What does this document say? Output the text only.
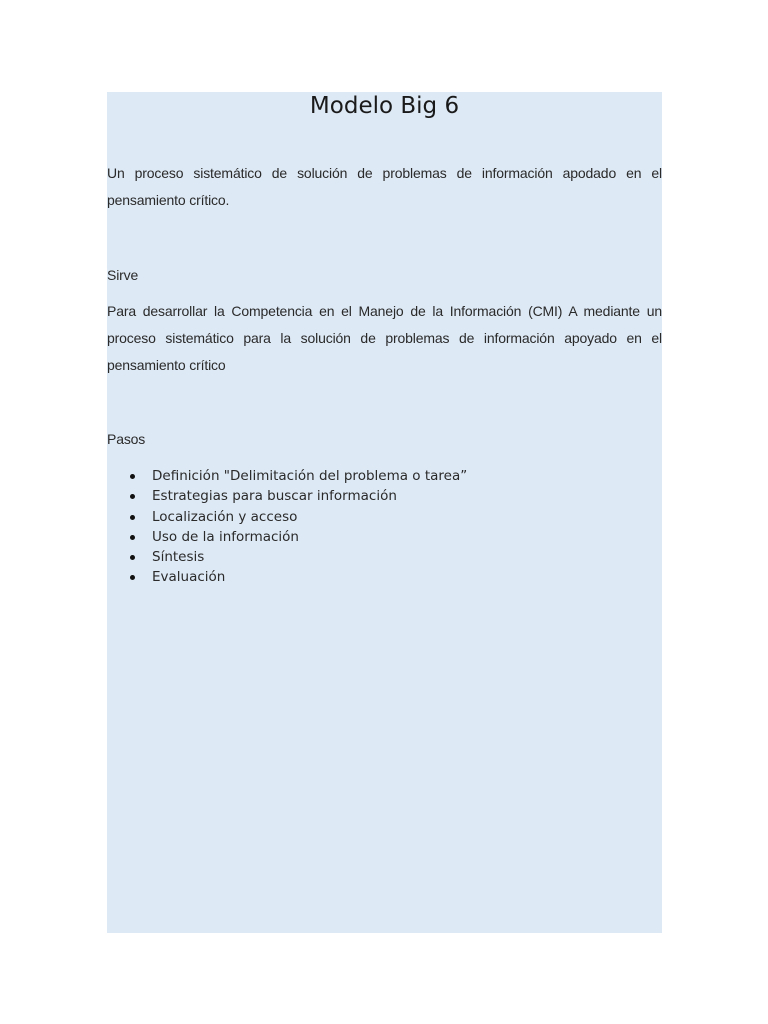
Modelo Big 6

Un proceso sistemático de solución de problemas de información apodado en el pensamiento crítico.

Sirve

Para desarrollar la Competencia en el Manejo de la Información (CMI) A mediante un proceso sistemático para la solución de problemas de información apoyado en el pensamiento crítico

Pasos

Definición "Delimitación del problema o tarea”
Estrategias para buscar información
Localización y acceso
Uso de la información
Síntesis
Evaluación
